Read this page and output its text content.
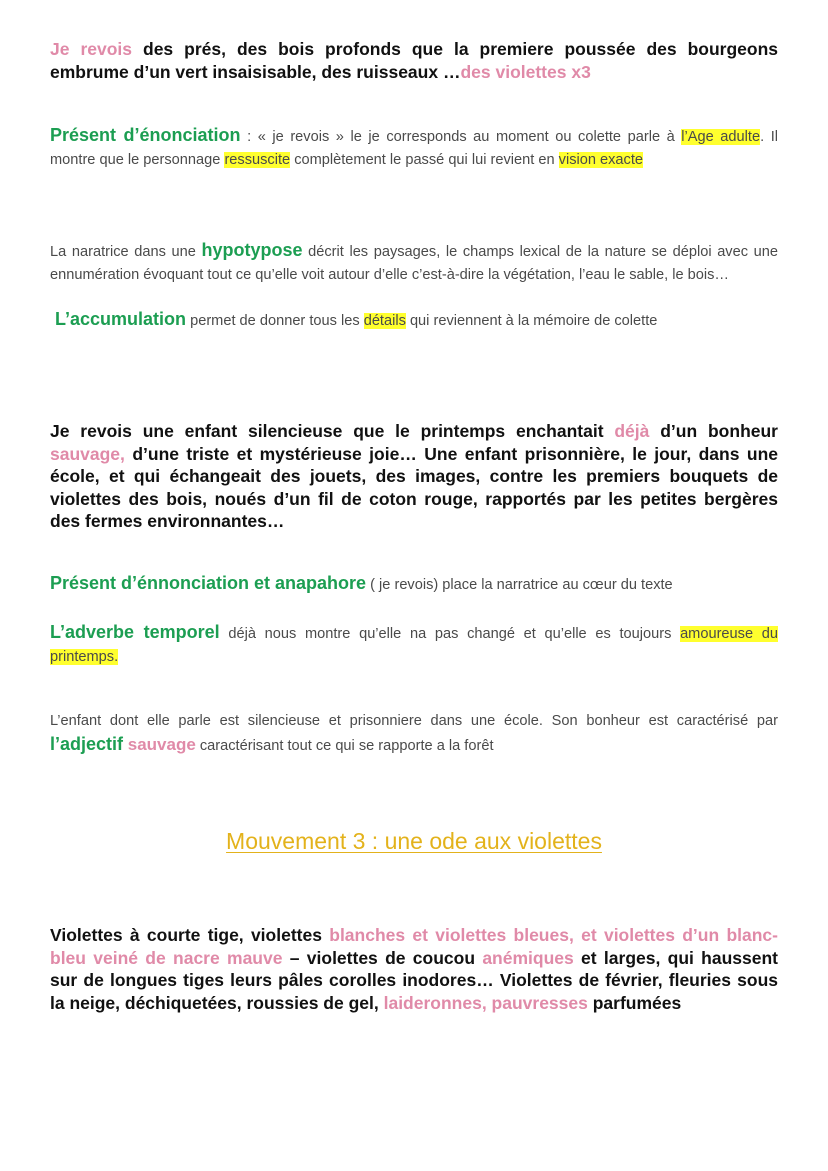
Je revois des prés, des bois profonds que la premiere poussée des bourgeons embrume d’un vert insaisisable, des ruisseaux …des violettes x3

Présent d’énonciation : « je revois » le je corresponds au moment ou colette parle à l’Age adulte. Il montre que le personnage ressuscite complètement le passé qui lui revient en vision exacte

La naratrice dans une hypotypose décrit les paysages, le champs lexical de la nature se déploi avec une ennumération évoquant tout ce qu’elle voit autour d’elle c’est-à-dire la végétation, l’eau le sable, le bois…

L’accumulation permet de donner tous les détails qui reviennent à la mémoire de colette

Je revois une enfant silencieuse que le printemps enchantait déjà d’un bonheur sauvage, d’une triste et mystérieuse joie… Une enfant prisonnière, le jour, dans une école, et qui échangeait des jouets, des images, contre les premiers bouquets de violettes des bois, noués d’un fil de coton rouge, rapportés par les petites bergères des fermes environnantes…

Présent d’énnonciation et anapahore ( je revois) place la narratrice au cœur du texte

L’adverbe temporel déjà nous montre qu’elle na pas changé et qu’elle es toujours amoureuse du printemps.

L’enfant dont elle parle est silencieuse et prisonniere dans une école. Son bonheur est caractérisé par l’adjectif sauvage caractérisant tout ce qui se rapporte a la forêt

Mouvement 3 : une ode aux violettes

Violettes à courte tige, violettes blanches et violettes bleues, et violettes d’un blanc-bleu veiné de nacre mauve – violettes de coucou anémiques et larges, qui haussent sur de longues tiges leurs pâles corolles inodores… Violettes de février, fleuries sous la neige, déchiquetées, roussies de gel, laideronnes, pauvresses parfumées
